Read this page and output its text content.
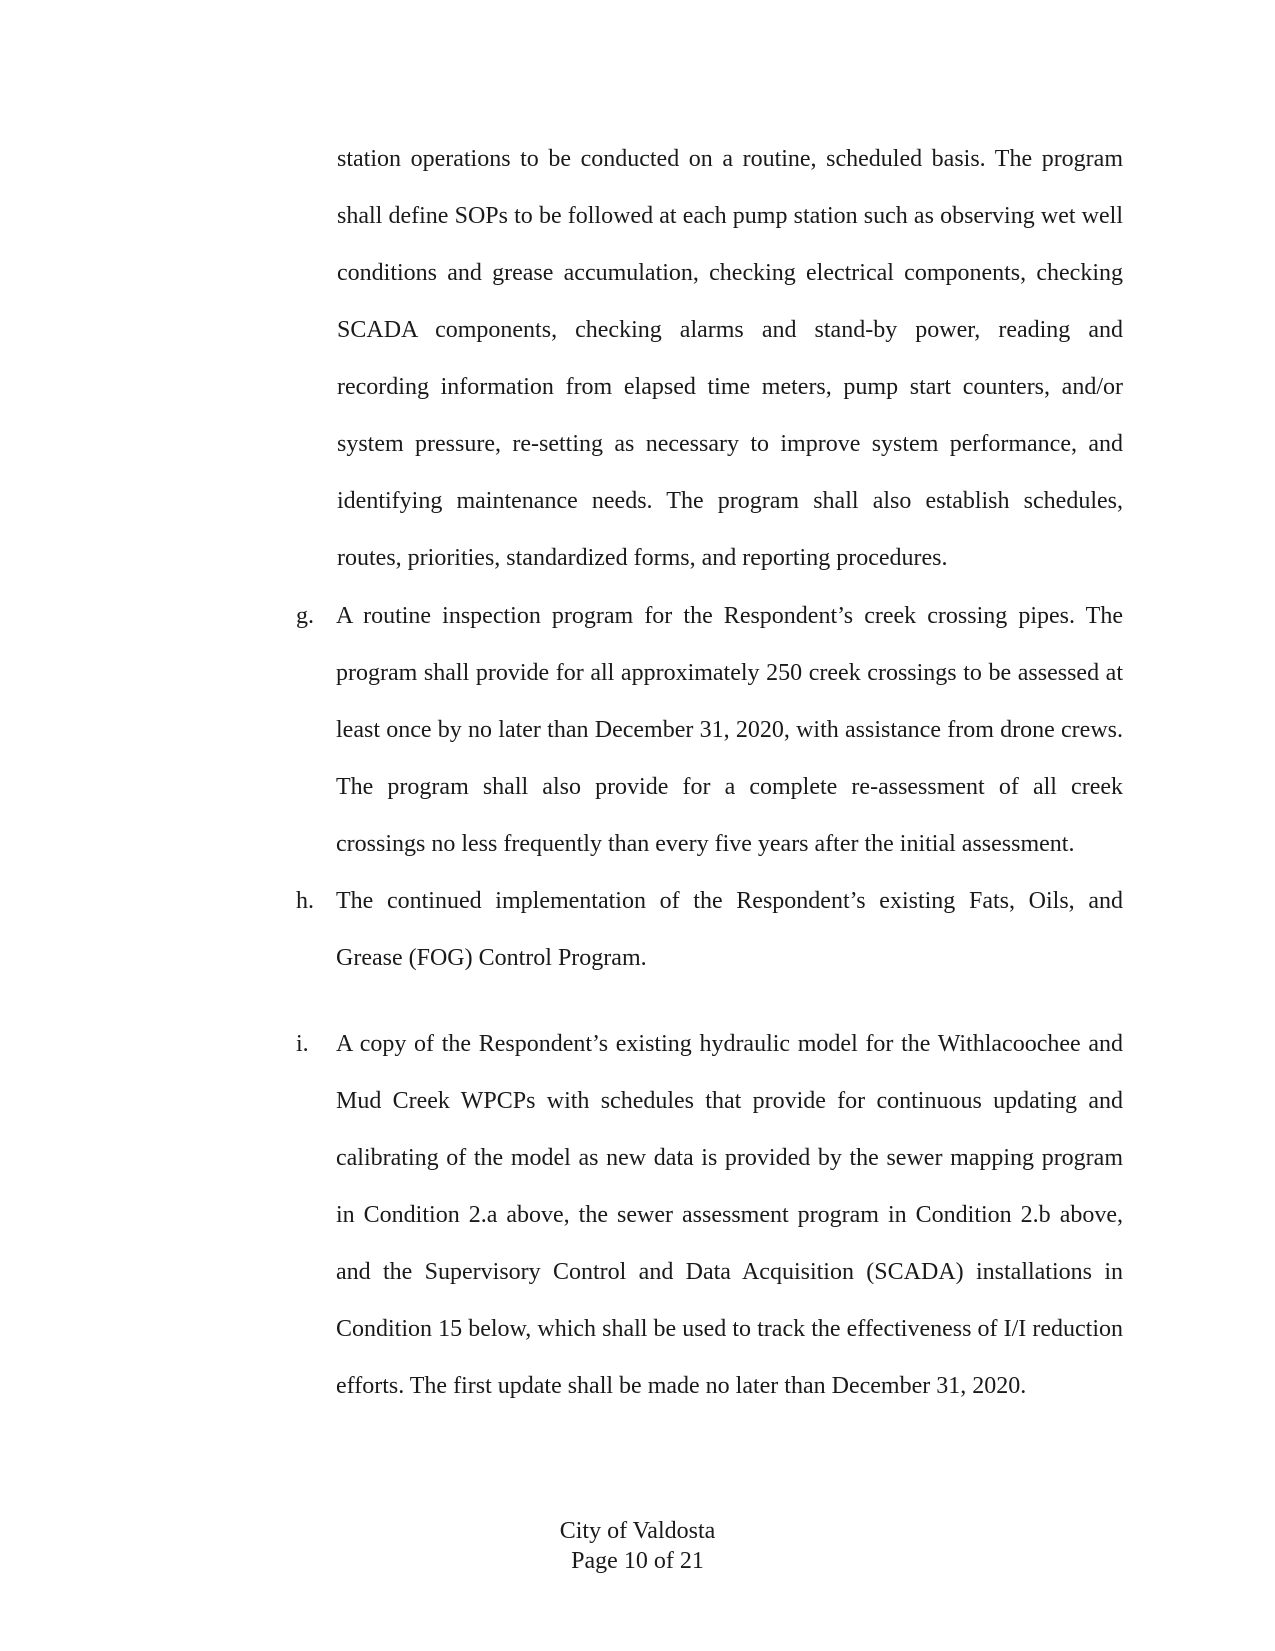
station operations to be conducted on a routine, scheduled basis. The program shall define SOPs to be followed at each pump station such as observing wet well conditions and grease accumulation, checking electrical components, checking SCADA components, checking alarms and stand-by power, reading and recording information from elapsed time meters, pump start counters, and/or system pressure, re-setting as necessary to improve system performance, and identifying maintenance needs. The program shall also establish schedules, routes, priorities, standardized forms, and reporting procedures.

g. A routine inspection program for the Respondent’s creek crossing pipes. The program shall provide for all approximately 250 creek crossings to be assessed at least once by no later than December 31, 2020, with assistance from drone crews. The program shall also provide for a complete re-assessment of all creek crossings no less frequently than every five years after the initial assessment.

h. The continued implementation of the Respondent’s existing Fats, Oils, and Grease (FOG) Control Program.

i.	A copy of the Respondent’s existing hydraulic model for the Withlacoochee and Mud Creek WPCPs with schedules that provide for continuous updating and calibrating of the model as new data is provided by the sewer mapping program in Condition 2.a above, the sewer assessment program in Condition 2.b above, and the Supervisory Control and Data Acquisition (SCADA) installations in Condition 15 below, which shall be used to track the effectiveness of I/I reduction efforts. The first update shall be made no later than December 31, 2020.

City of Valdosta
Page 10 of 21
